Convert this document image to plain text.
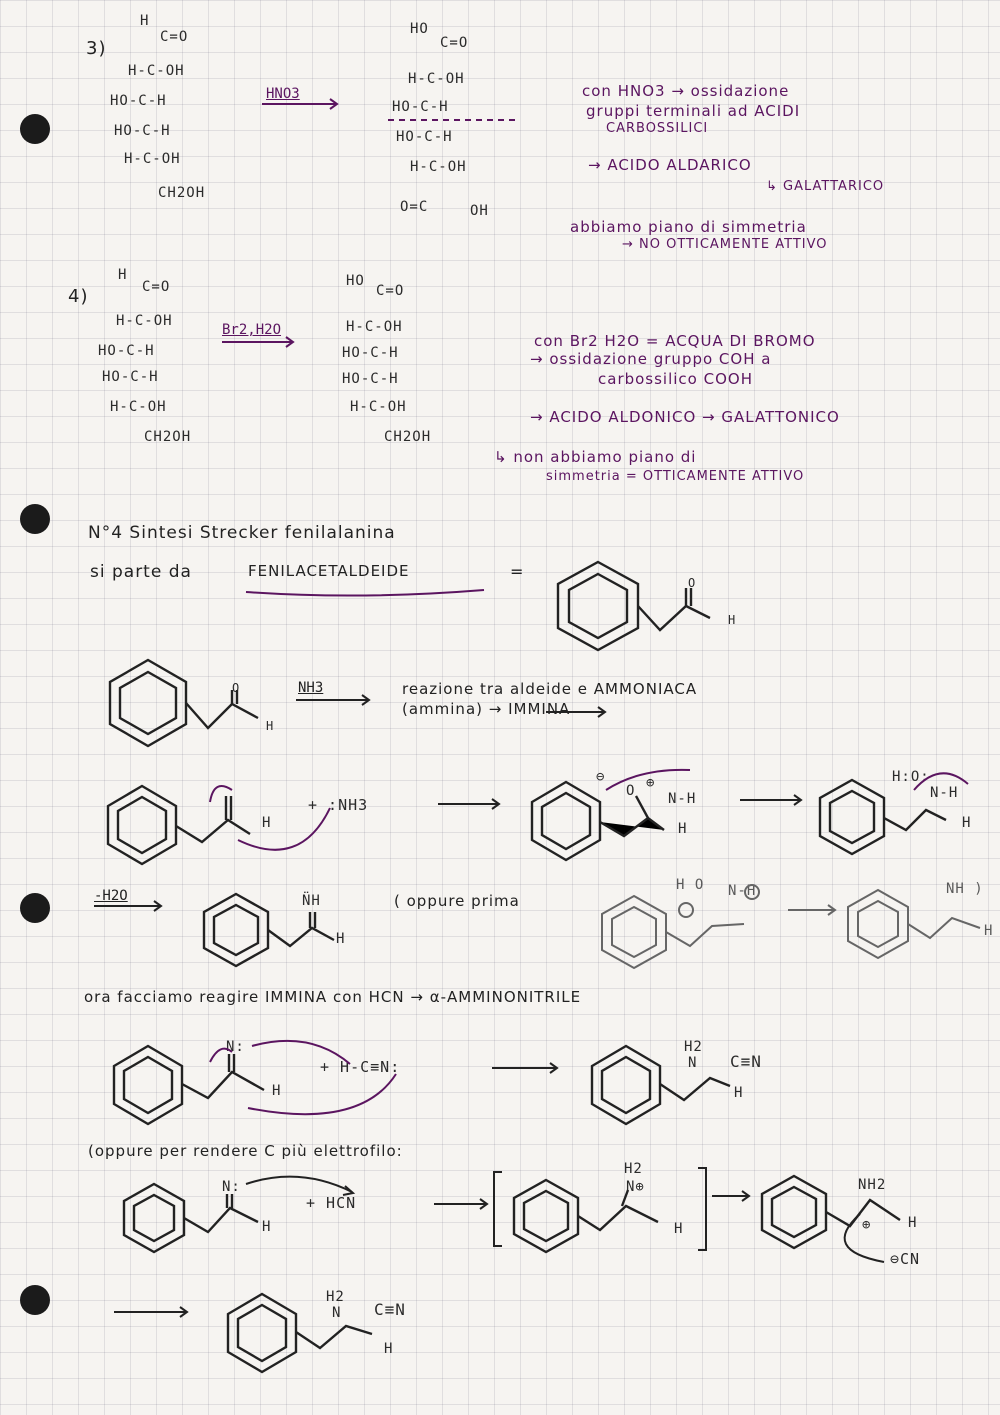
3)
H
C=O
H-C-OH
HO-C-H
HO-C-H
H-C-OH
CH2OH
HNO3
HO
C=O
H-C-OH
HO-C-H
HO-C-H
H-C-OH
O=C	OH
con HNO3 → ossidazione
gruppi terminali ad ACIDI
CARBOSSILICI
→ ACIDO ALDARICO
↳ GALATTARICO
abbiamo piano di simmetria
→ NO OTTICAMENTE ATTIVO
4)
H
C=O
H-C-OH
HO-C-H
HO-C-H
H-C-OH
CH2OH
Br2,H2O
HO
C=O
H-C-OH
HO-C-H
HO-C-H
H-C-OH
CH2OH
con Br2 H2O = ACQUA DI BROMO
→ ossidazione gruppo COH a
carbossilico COOH
→ ACIDO ALDONICO → GALATTONICO
↳ non abbiamo piano di
simmetria = OTTICAMENTE ATTIVO
N°4 Sintesi Strecker fenilalanina
si parte da	FENILACETALDEIDE	=
O
H
O
H
NH3	reazione tra aldeide e AMMONIACA
(ammina) → IMMINA
H
+ :NH3
⊖	⊕
O N-H
H
H:O:
N-H
H
-H2O	N̈H
H
( oppure prima
H O N-H	NH )
H
ora facciamo reagire IMMINA con HCN → α-AMMINONITRILE
N:
H
+ H-C≡N:
H2
N C≡N
H
(oppure per rendere C più elettrofilo:
N:
H
+ HCN
H2
N⊕
H
NH2
⊕	H
⊖CN
H2
N C≡N
H
